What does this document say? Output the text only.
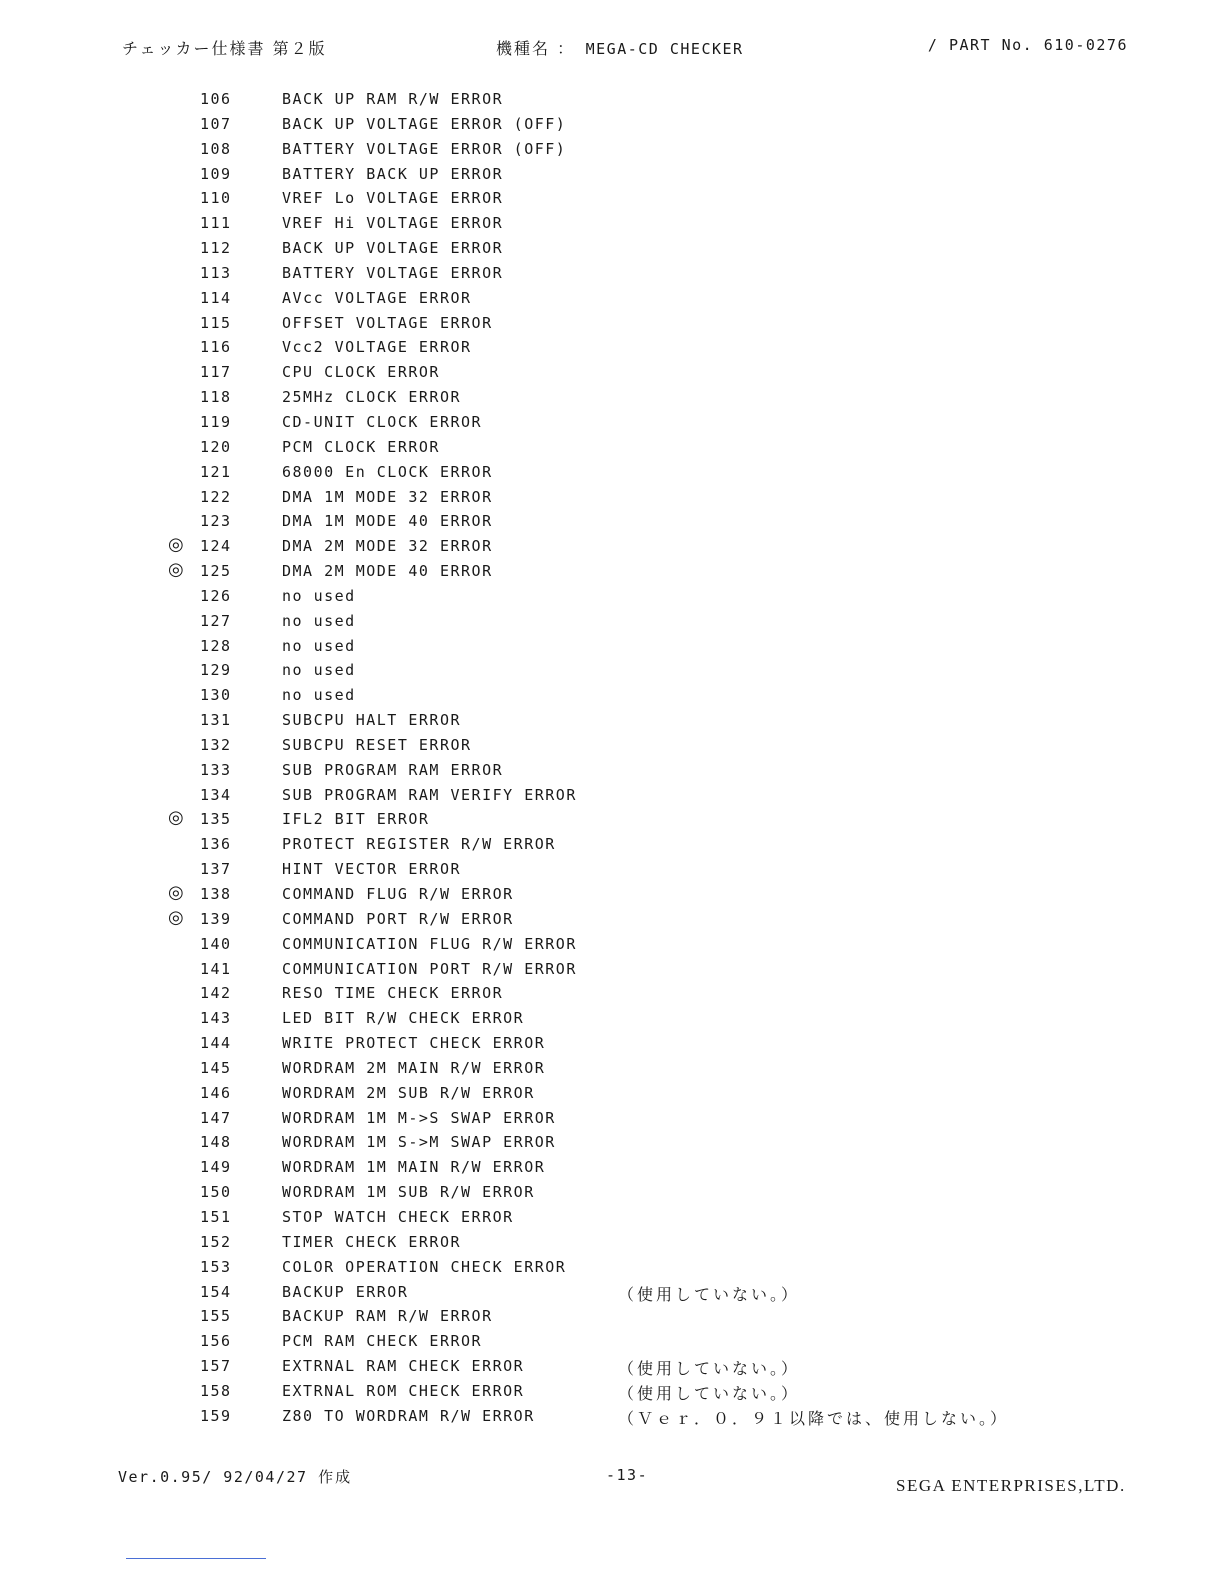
チェッカー仕様書 第２版	機種名 ： MEGA-CD CHECKER	/ PART No. 610-0276
106	BACK UP RAM R/W ERROR
107	BACK UP VOLTAGE ERROR (OFF)
108	BATTERY VOLTAGE ERROR (OFF)
109	BATTERY BACK UP ERROR
110	VREF Lo VOLTAGE ERROR
111	VREF Hi VOLTAGE ERROR
112	BACK UP VOLTAGE ERROR
113	BATTERY VOLTAGE ERROR
114	AVcc VOLTAGE ERROR
115	OFFSET VOLTAGE ERROR
116	Vcc2 VOLTAGE ERROR
117	CPU CLOCK ERROR
118	25MHz CLOCK ERROR
119	CD-UNIT CLOCK ERROR
120	PCM CLOCK ERROR
121	68000 En CLOCK ERROR
122	DMA 1M MODE 32 ERROR
123	DMA 1M MODE 40 ERROR
◎ 124	DMA 2M MODE 32 ERROR
◎ 125	DMA 2M MODE 40 ERROR
126	no used
127	no used
128	no used
129	no used
130	no used
131	SUBCPU HALT ERROR
132	SUBCPU RESET ERROR
133	SUB PROGRAM RAM ERROR
134	SUB PROGRAM RAM VERIFY ERROR
◎ 135	IFL2 BIT ERROR
136	PROTECT REGISTER R/W ERROR
137	HINT VECTOR ERROR
◎ 138	COMMAND FLUG R/W ERROR
◎ 139	COMMAND PORT R/W ERROR
140	COMMUNICATION FLUG R/W ERROR
141	COMMUNICATION PORT R/W ERROR
142	RESO TIME CHECK ERROR
143	LED BIT R/W CHECK ERROR
144	WRITE PROTECT CHECK ERROR
145	WORDRAM 2M MAIN R/W ERROR
146	WORDRAM 2M SUB R/W ERROR
147	WORDRAM 1M M->S SWAP ERROR
148	WORDRAM 1M S->M SWAP ERROR
149	WORDRAM 1M MAIN R/W ERROR
150	WORDRAM 1M SUB R/W ERROR
151	STOP WATCH CHECK ERROR
152	TIMER CHECK ERROR
153	COLOR OPERATION CHECK ERROR
154	BACKUP ERROR	（使用していない。）
155	BACKUP RAM R/W ERROR
156	PCM RAM CHECK ERROR
157	EXTRNAL RAM CHECK ERROR	（使用していない。）
158	EXTRNAL ROM CHECK ERROR	（使用していない。）
159	Z80 TO WORDRAM R/W ERROR	（Ｖｅｒ．０．９１以降では、使用しない。）
Ver.0.95/ 92/04/27 作成	-13-
SEGA ENTERPRISES,LTD.
